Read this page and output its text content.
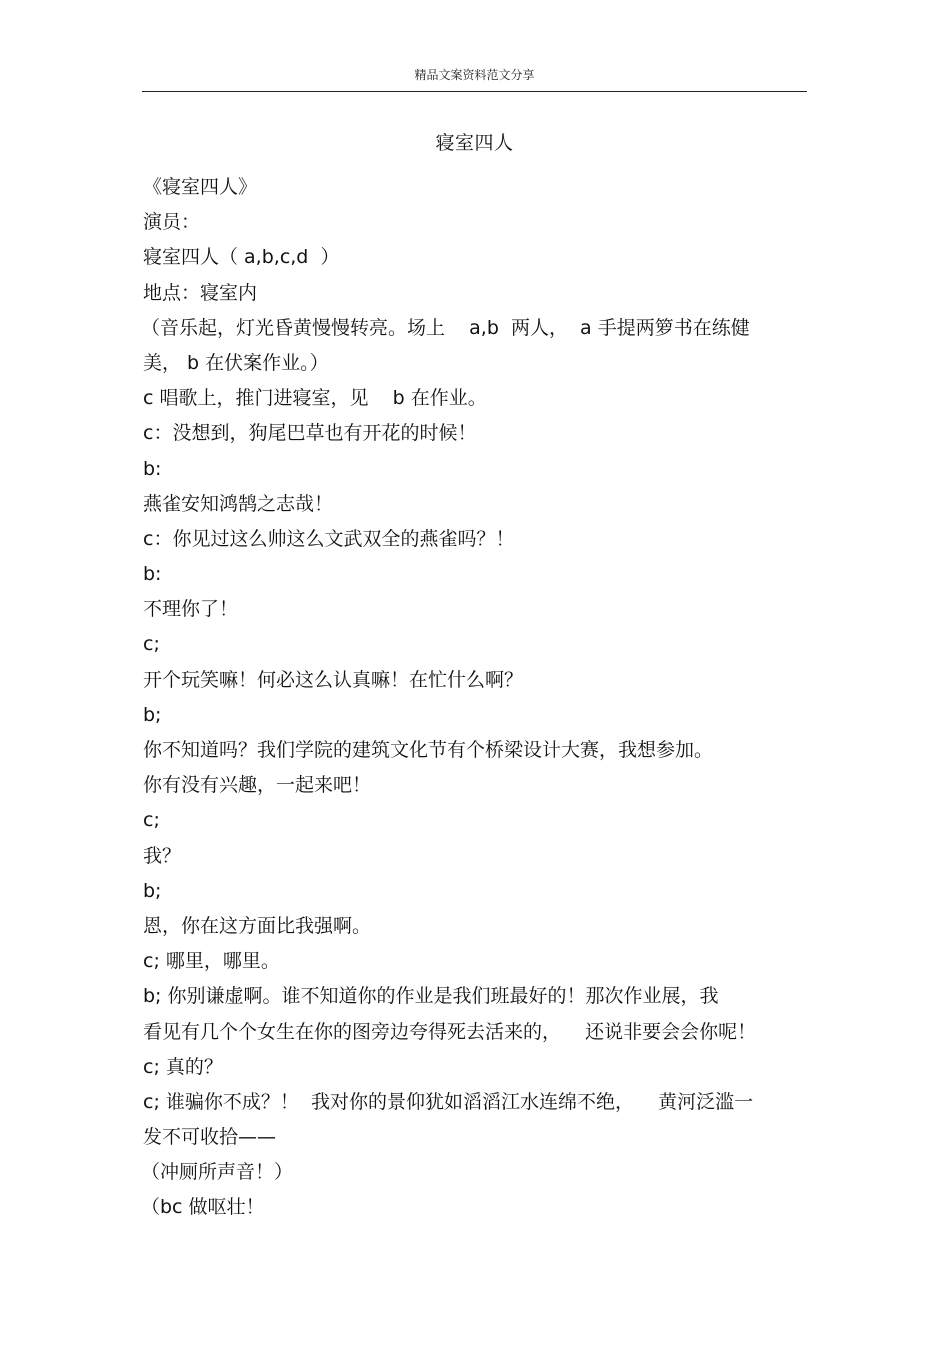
精品文案资料范文分享
寝室四人
《寝室四人》
演员：
寝室四人（ a,b,c,d  ）
地点：寝室内
（音乐起，灯光昏黄慢慢转亮。场上    a,b  两人，  a 手提两箩书在练健
美， b 在伏案作业。）
c 唱歌上，推门进寝室，见    b 在作业。
c：没想到，狗尾巴草也有开花的时候！
b:
燕雀安知鸿鹄之志哉！
c：你见过这么帅这么文武双全的燕雀吗？！
b:
不理你了！
c;
开个玩笑嘛！何必这么认真嘛！在忙什么啊？
b;
你不知道吗？我们学院的建筑文化节有个桥梁设计大赛，我想参加。
你有没有兴趣，一起来吧！
c;
我？
b;
恩，你在这方面比我强啊。
c; 哪里，哪里。
b; 你别谦虚啊。谁不知道你的作业是我们班最好的！那次作业展，我
看见有几个个女生在你的图旁边夸得死去活来的，    还说非要会会你呢！
c; 真的？
c; 谁骗你不成？！  我对你的景仰犹如滔滔江水连绵不绝，    黄河泛滥一
发不可收拾——
（冲厕所声音！）
（bc 做呕壮！
